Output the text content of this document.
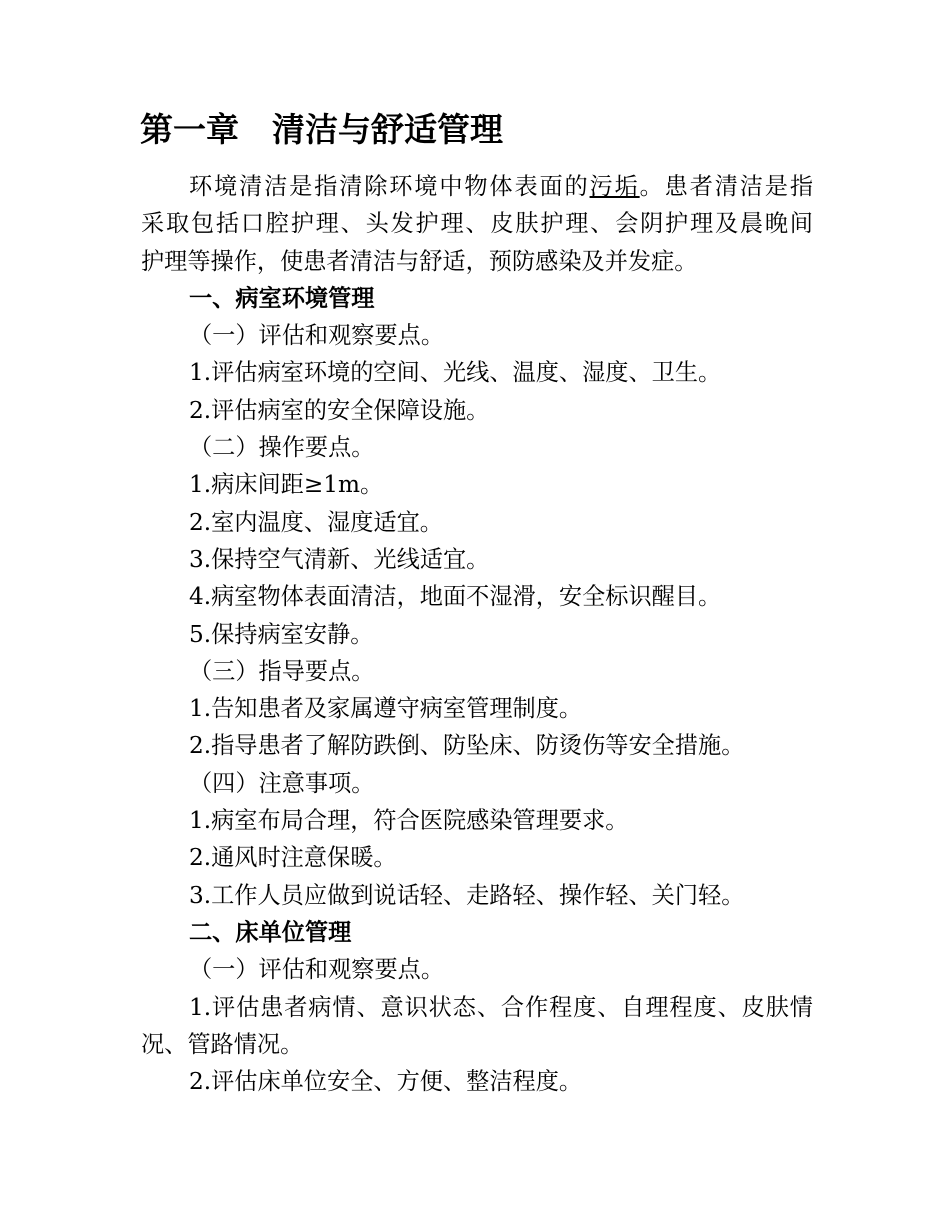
第一章　清洁与舒适管理
环境清洁是指清除环境中物体表面的污垢。患者清洁是指
采取包括口腔护理、头发护理、皮肤护理、会阴护理及晨晚间
护理等操作，使患者清洁与舒适，预防感染及并发症。
一、病室环境管理
（一）评估和观察要点。
1.评估病室环境的空间、光线、温度、湿度、卫生。
2.评估病室的安全保障设施。
（二）操作要点。
1.病床间距≥1m。
2.室内温度、湿度适宜。
3.保持空气清新、光线适宜。
4.病室物体表面清洁，地面不湿滑，安全标识醒目。
5.保持病室安静。
（三）指导要点。
1.告知患者及家属遵守病室管理制度。
2.指导患者了解防跌倒、防坠床、防烫伤等安全措施。
（四）注意事项。
1.病室布局合理，符合医院感染管理要求。
2.通风时注意保暖。
3.工作人员应做到说话轻、走路轻、操作轻、关门轻。
二、床单位管理
（一）评估和观察要点。
1.评估患者病情、意识状态、合作程度、自理程度、皮肤情
况、管路情况。
2.评估床单位安全、方便、整洁程度。
